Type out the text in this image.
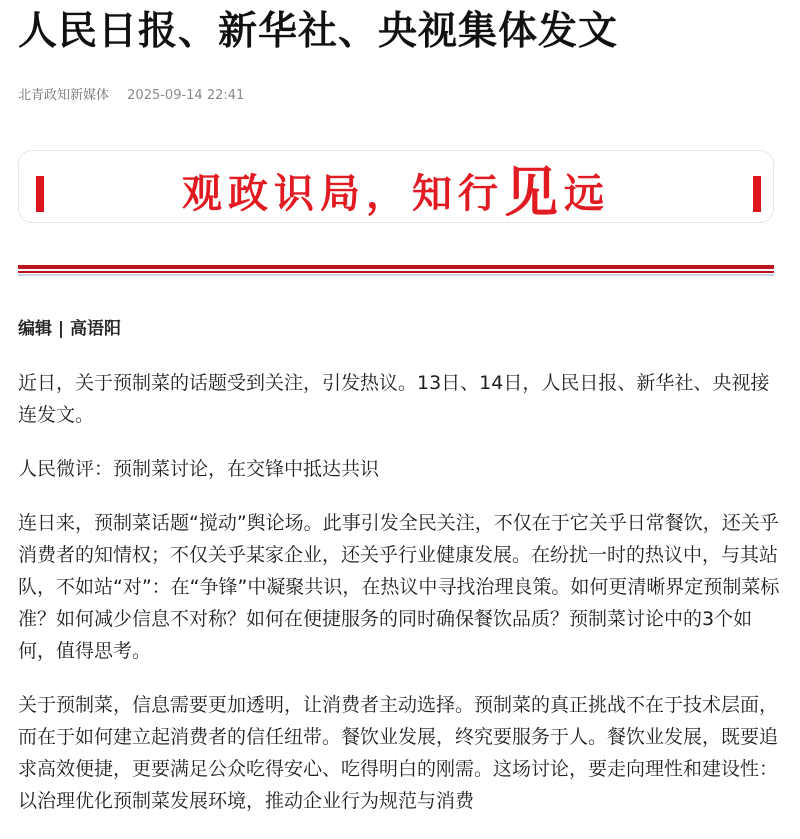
人民日报、新华社、央视集体发文
北青政知新媒体 2025-09-14 22:41
观政识局，知行见远
编辑 | 高语阳

近日，关于预制菜的话题受到关注，引发热议。13日、14日，人民日报、新华社、央视接连发文。

人民微评：预制菜讨论，在交锋中抵达共识

连日来，预制菜话题“搅动”舆论场。此事引发全民关注，不仅在于它关乎日常餐饮，还关乎消费者的知情权；不仅关乎某家企业，还关乎行业健康发展。在纷扰一时的热议中，与其站队，不如站“对”：在“争锋”中凝聚共识，在热议中寻找治理良策。如何更清晰界定预制菜标准？如何减少信息不对称？如何在便捷服务的同时确保餐饮品质？预制菜讨论中的3个如何，值得思考。

关于预制菜，信息需要更加透明，让消费者主动选择。预制菜的真正挑战不在于技术层面，而在于如何建立起消费者的信任纽带。餐饮业发展，终究要服务于人。餐饮业发展，既要追求高效便捷，更要满足公众吃得安心、吃得明白的刚需。这场讨论，要走向理性和建设性：以治理优化预制菜发展环境，推动企业行为规范与消费
